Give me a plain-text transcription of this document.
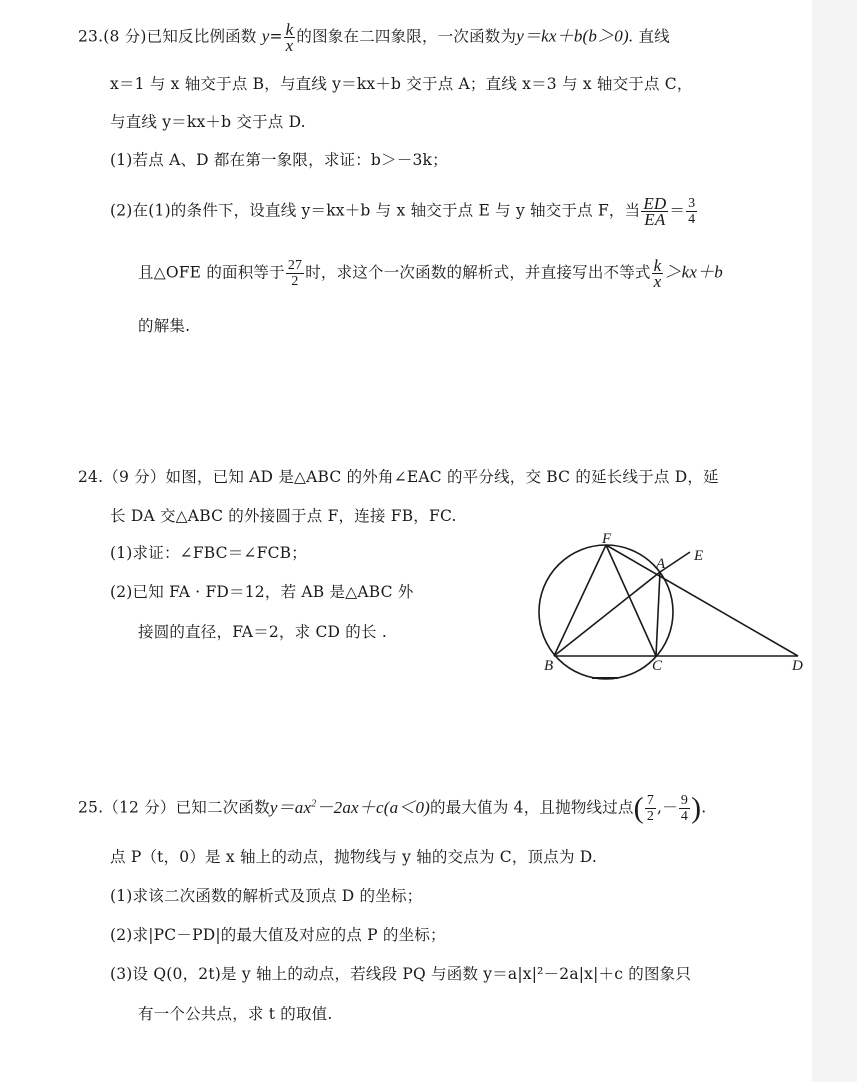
23.(8 分)已知反比例函数 $y= \frac{k}{x}$ 的图象在二四象限，一次函数为y＝kx＋b(b＞0). 直线
x＝1 与 x 轴交于点 B，与直线 y＝kx＋b 交于点 A；直线 x＝3 与 x 轴交于点 C，
与直线 y＝kx＋b 交于点 D.
(1)若点 A、D 都在第一象限，求证：b＞－3k；
(2)在(1)的条件下，设直线 y＝kx＋b 与 x 轴交于点 E 与 y 轴交于点 F，当 $\frac{ED}{EA} = \frac{3}{4}$
且△OFE 的面积等于 $\frac{27}{2}$ 时，求这个一次函数的解析式，并直接写出不等式 $\frac{k}{x} >kx+b$
的解集.
24.（9 分）如图，已知 AD 是△ABC 的外角∠EAC 的平分线，交 BC 的延长线于点 D，延
长 DA 交△ABC 的外接圆于点 F，连接 FB，FC.
(1)求证：∠FBC＝∠FCB；
(2)已知 FA · FD＝12，若 AB 是△ABC 外
接圆的直径，FA＝2，求 CD 的长 .
F
A E
B	C	D
25.（12 分）已知二次函数$y=ax^2-2ax+c(a<0)$的最大值为 4，且抛物线过点( $\frac{7}{2}$ ,－ $\frac{9}{4}$ ).
点 P（t，0）是 x 轴上的动点，抛物线与 y 轴的交点为 C，顶点为 D.
(1)求该二次函数的解析式及顶点 D 的坐标；
(2)求|PC－PD|的最大值及对应的点 P 的坐标；
(3)设 Q(0，2t)是 y 轴上的动点，若线段 PQ 与函数 y＝a|x|²－2a|x|＋c 的图象只
有一个公共点，求 t 的取值.
